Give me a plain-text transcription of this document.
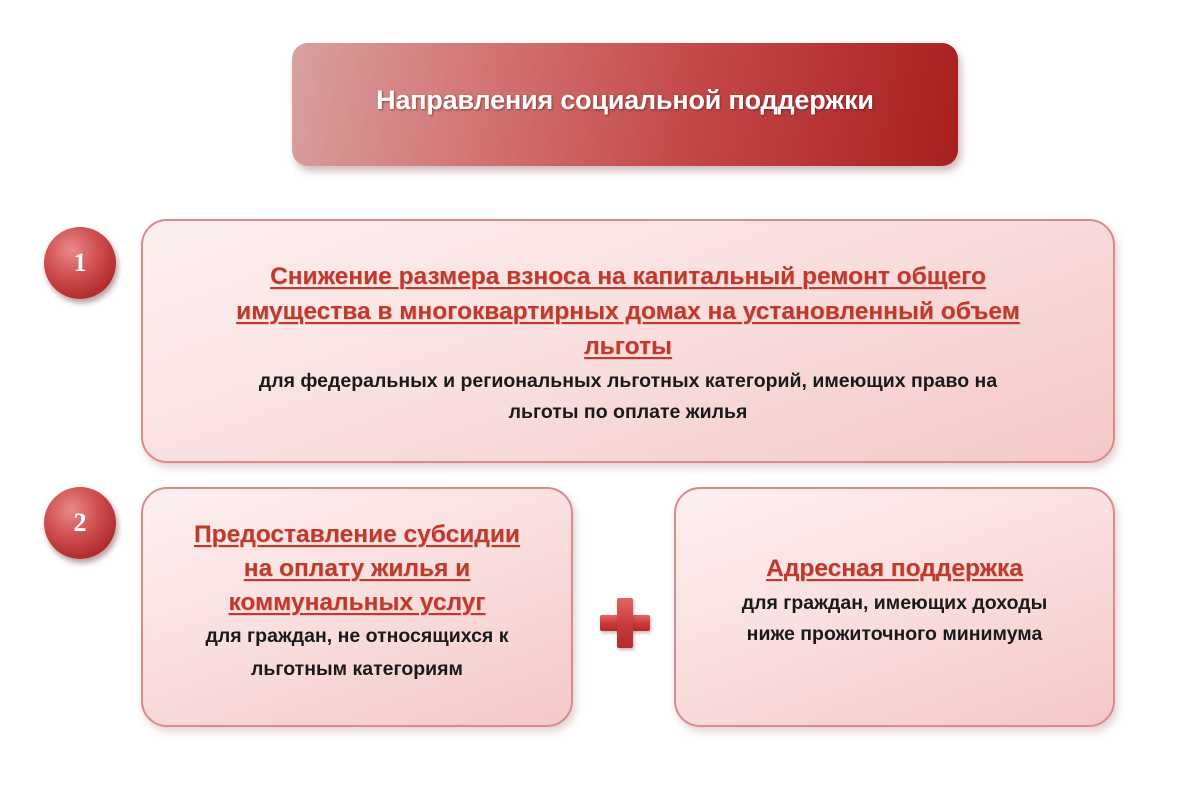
Направления социальной поддержки
1	Снижение размера взноса на капитальный ремонт общего
имущества в многоквартирных домах на установленный объем
льготы
для федеральных и региональных льготных категорий, имеющих право на
льготы по оплате жилья
2	Предоставление субсидии
на оплату жилья и
коммунальных услуг
для граждан, не относящихся к
льготным категориям
Адресная поддержка
для граждан, имеющих доходы
ниже прожиточного минимума
